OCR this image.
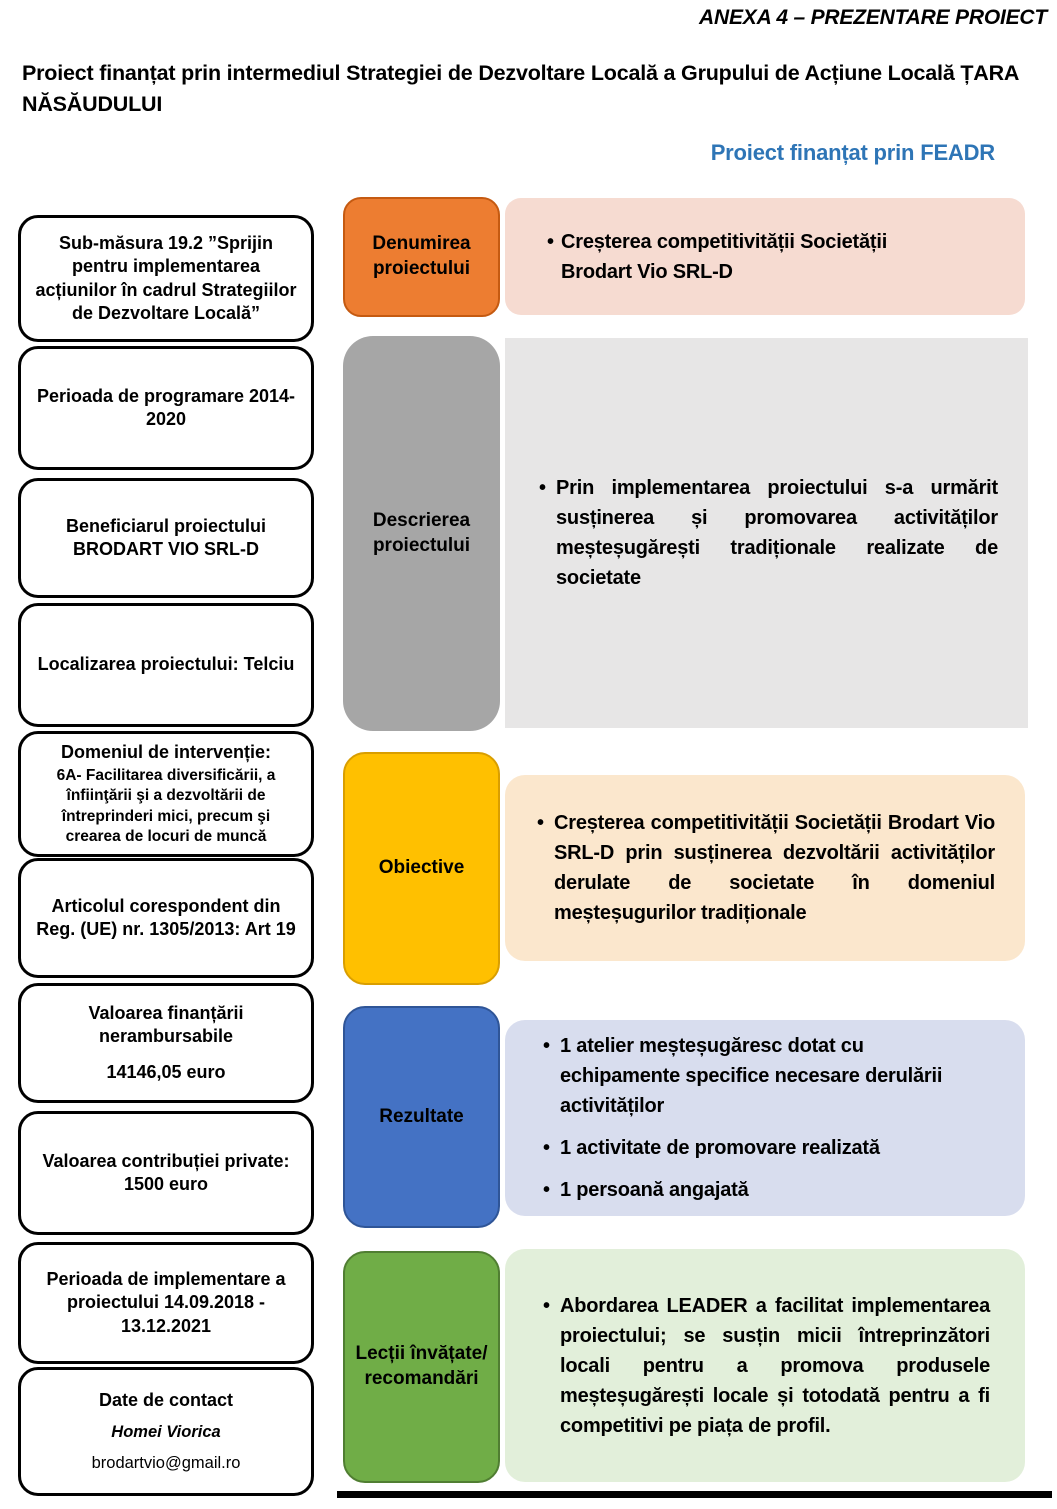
ANEXA 4 – PREZENTARE PROIECT
Proiect finanțat prin intermediul Strategiei de Dezvoltare Locală a Grupului de Acțiune Locală ȚARA NĂSĂUDULUI
Proiect finanțat prin FEADR
Sub-măsura 19.2 ”Sprijin pentru implementarea acțiunilor în cadrul Strategiilor de Dezvoltare Locală”
Perioada de programare 2014-2020
Beneficiarul proiectului BRODART VIO SRL-D
Localizarea proiectului: Telciu
Domeniul de intervenție:
6A- Facilitarea diversificării, a înfiinţării şi a dezvoltării de întreprinderi mici, precum şi crearea de locuri de muncă
Articolul corespondent din Reg. (UE) nr. 1305/2013: Art 19
Valoarea finanțării nerambursabile
14146,05 euro
Valoarea contribuției private: 1500 euro
Perioada de implementare a proiectului 14.09.2018 - 13.12.2021
Date de contact
Homei Viorica
brodartvio@gmail.ro
Denumirea proiectului
• Creșterea competitivității Societății Brodart Vio SRL-D
Descrierea proiectului
• Prin implementarea proiectului s-a urmărit susținerea și promovarea activităților meșteșugărești tradiționale realizate de societate
Obiective
• Creșterea competitivității Societății Brodart Vio SRL-D prin susținerea dezvoltării activităților derulate de societate în domeniul meșteșugurilor tradiționale
Rezultate
• 1 atelier meșteșugăresc dotat cu echipamente specifice necesare derulării activităților
• 1 activitate de promovare realizată
• 1 persoană angajată
Lecții învățate/ recomandări
• Abordarea LEADER a facilitat implementarea proiectului; se susțin micii întreprinzători locali pentru a promova produsele meșteșugărești locale și totodată pentru a fi competitivi pe piața de profil.
